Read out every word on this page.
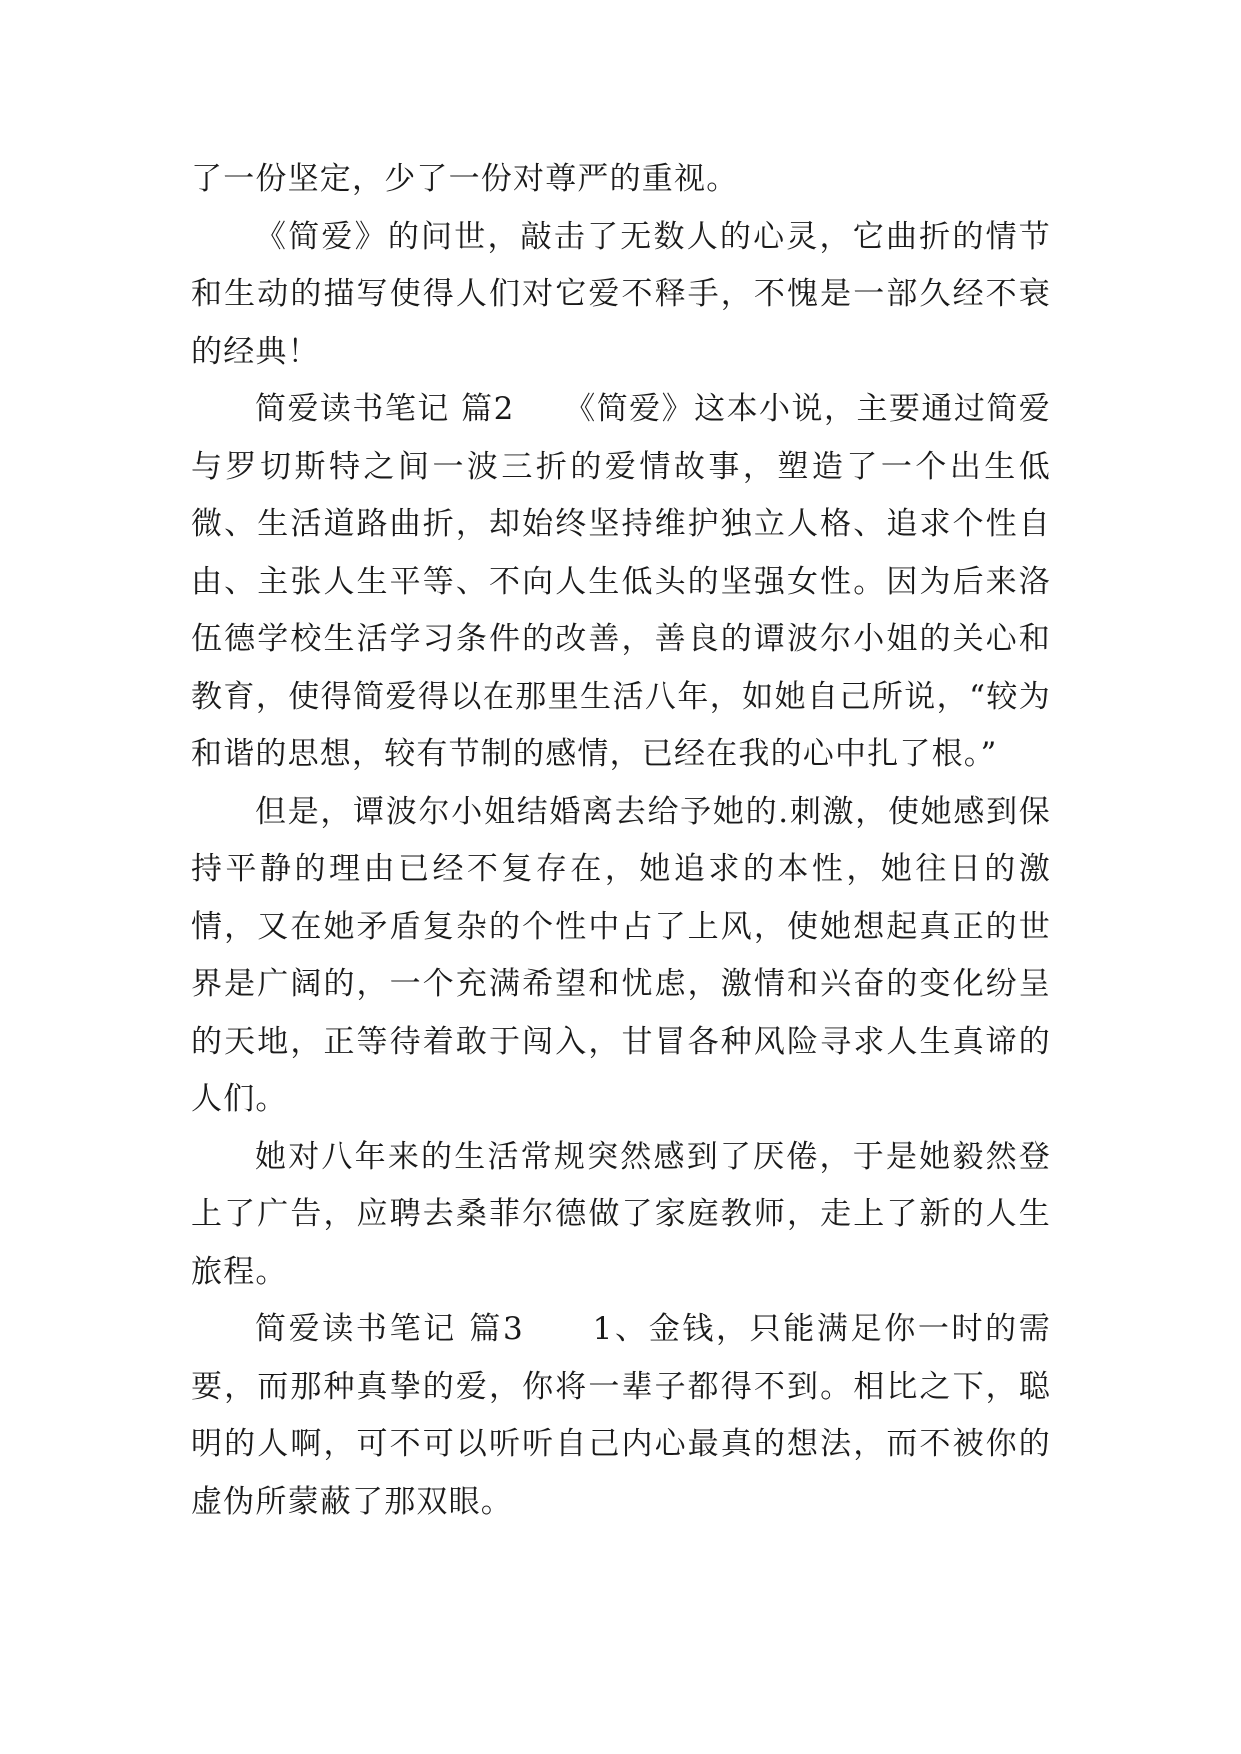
了一份坚定，少了一份对尊严的重视。

《简爱》的问世，敲击了无数人的心灵，它曲折的情节和生动的描写使得人们对它爱不释手，不愧是一部久经不衰的经典！

简爱读书笔记 篇2　　《简爱》这本小说，主要通过简爱与罗切斯特之间一波三折的爱情故事，塑造了一个出生低微、生活道路曲折，却始终坚持维护独立人格、追求个性自由、主张人生平等、不向人生低头的坚强女性。因为后来洛伍德学校生活学习条件的改善，善良的谭波尔小姐的关心和教育，使得简爱得以在那里生活八年，如她自己所说，“较为和谐的思想，较有节制的感情，已经在我的心中扎了根。”

但是，谭波尔小姐结婚离去给予她的.刺激，使她感到保持平静的理由已经不复存在，她追求的本性，她往日的激情，又在她矛盾复杂的个性中占了上风，使她想起真正的世界是广阔的，一个充满希望和忧虑，激情和兴奋的变化纷呈的天地，正等待着敢于闯入，甘冒各种风险寻求人生真谛的人们。

她对八年来的生活常规突然感到了厌倦，于是她毅然登上了广告，应聘去桑菲尔德做了家庭教师，走上了新的人生旅程。

简爱读书笔记 篇3　　1、金钱，只能满足你一时的需要，而那种真挚的爱，你将一辈子都得不到。相比之下，聪明的人啊，可不可以听听自己内心最真的想法，而不被你的虚伪所蒙蔽了那双眼。
